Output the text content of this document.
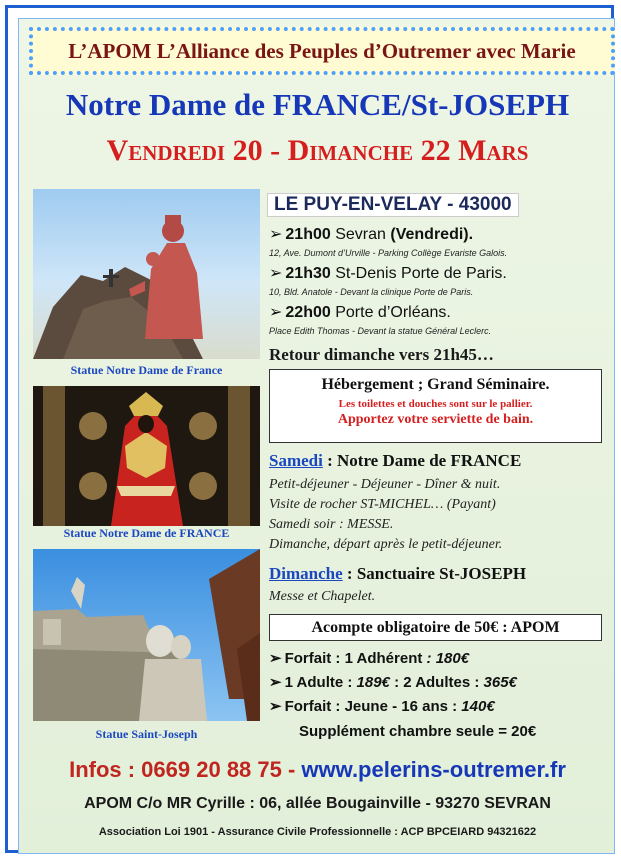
L’APOM L’Alliance des Peuples d’Outremer avec Marie
Notre Dame de FRANCE/St-JOSEPH
Vendredi 20 - Dimanche 22 Mars
Statue Notre Dame de France
Statue Notre Dame de FRANCE
Statue Saint-Joseph
LE PUY-EN-VELAY - 43000
➢ 21h00 Sevran (Vendredi).
12, Ave. Dumont d’Urville - Parking Collège Evariste Galois.
➢ 21h30 St-Denis Porte de Paris.
10, Bld. Anatole - Devant la clinique Porte de Paris.
➢ 22h00 Porte d’Orléans.
Place Edith Thomas - Devant la statue Général Leclerc.
Retour dimanche vers 21h45…
Hébergement ; Grand Séminaire.
Les toilettes et douches sont sur le pallier.
Apportez votre serviette de bain.
Samedi : Notre Dame de FRANCE
Petit-déjeuner - Déjeuner - Dîner & nuit.
Visite de rocher ST-MICHEL… (Payant)
Samedi soir : MESSE.
Dimanche, départ après le petit-déjeuner.
Dimanche : Sanctuaire St-JOSEPH
Messe et Chapelet.
Acompte obligatoire de 50€ : APOM
➢ Forfait : 1 Adhérent : 180€
➢ 1 Adulte : 189€ : 2 Adultes : 365€
➢ Forfait : Jeune - 16 ans : 140€
Supplément chambre seule = 20€
Infos : 0669 20 88 75 - www.pelerins-outremer.fr
APOM C/o MR Cyrille : 06, allée Bougainville - 93270 SEVRAN
Association Loi 1901 - Assurance Civile Professionnelle : ACP BPCEIARD 94321622
